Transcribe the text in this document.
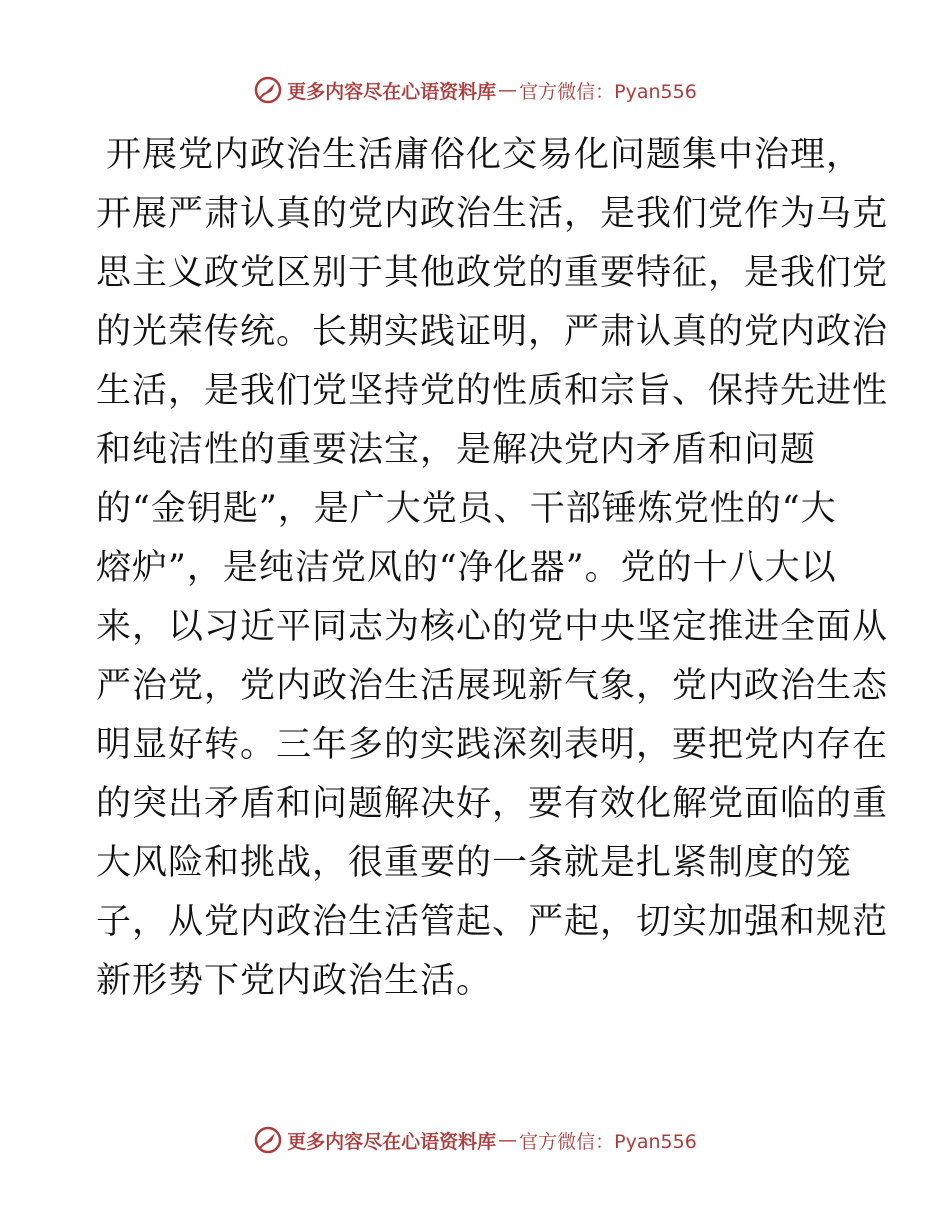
更多内容尽在心语资料库 — 官方微信：Pyan556
开展党内政治生活庸俗化交易化问题集中治理，
开展严肃认真的党内政治生活，是我们党作为马克
思主义政党区别于其他政党的重要特征，是我们党
的光荣传统。长期实践证明，严肃认真的党内政治
生活，是我们党坚持党的性质和宗旨、保持先进性
和纯洁性的重要法宝，是解决党内矛盾和问题
的“金钥匙”，是广大党员、干部锤炼党性的“大
熔炉”，是纯洁党风的“净化器”。党的十八大以
来，以习近平同志为核心的党中央坚定推进全面从
严治党，党内政治生活展现新气象，党内政治生态
明显好转。三年多的实践深刻表明，要把党内存在
的突出矛盾和问题解决好，要有效化解党面临的重
大风险和挑战，很重要的一条就是扎紧制度的笼
子，从党内政治生活管起、严起，切实加强和规范
新形势下党内政治生活。
更多内容尽在心语资料库 — 官方微信：Pyan556
